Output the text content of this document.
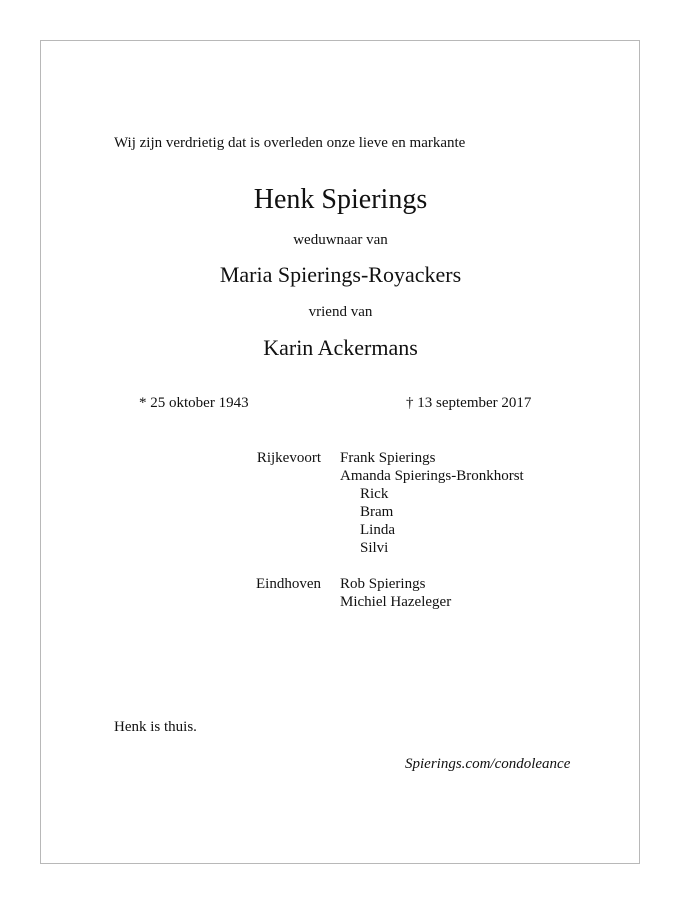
Wij zijn verdrietig dat is overleden onze lieve en markante
Henk Spierings
weduwnaar van
Maria Spierings-Royackers
vriend van
Karin Ackermans
* 25 oktober 1943	† 13 september 2017
Rijkevoort Frank Spierings
Amanda Spierings-Bronkhorst
Rick
Bram
Linda
Silvi
Eindhoven Rob Spierings
Michiel Hazeleger
Henk is thuis.
Spierings.com/condoleance
